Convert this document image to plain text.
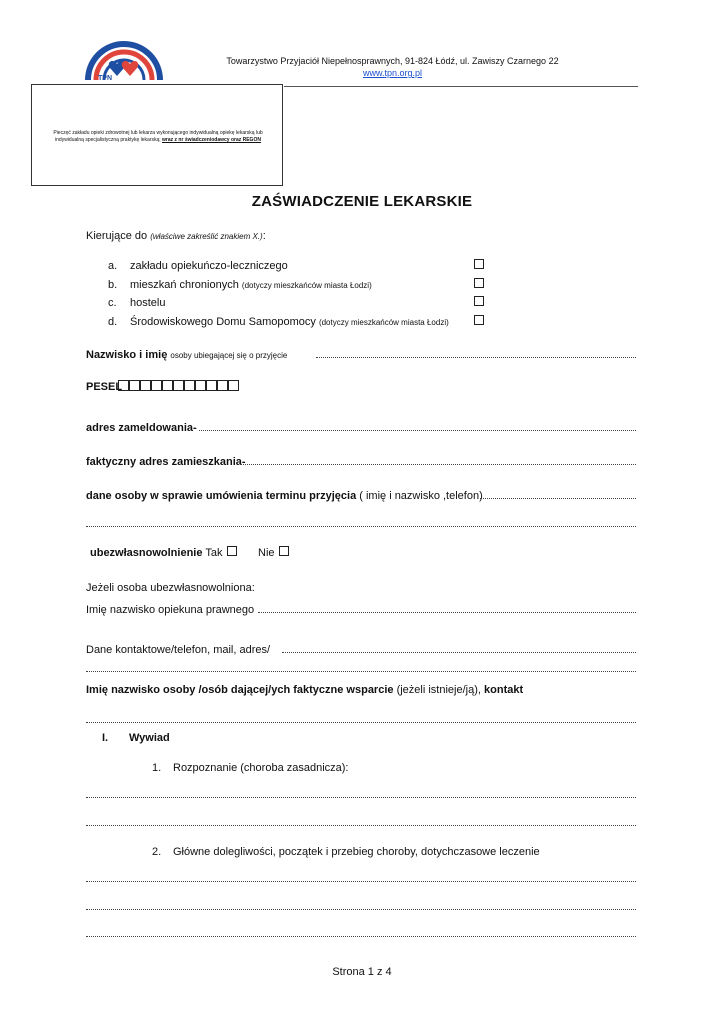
TPN
Towarzystwo Przyjaciół Niepełnosprawnych, 91-824 Łódź, ul. Zawiszy Czarnego 22
www.tpn.org.pl
Pieczęć zakładu opieki zdrowotnej lub lekarza wykonującego indywidualną opiekę lekarską lub indywidualną specjalistyczną praktykę lekarską; wraz z nr świadczeniodawcy oraz REGON
ZAŚWIADCZENIE LEKARSKIE
Kierujące do (właściwe zakreślić znakiem X.):
a. zakładu opiekuńczo-leczniczego
b. mieszkań chronionych (dotyczy mieszkańców miasta Łodzi)
c. hostelu
d. Środowiskowego Domu Samopomocy (dotyczy mieszkańców miasta Łodzi)
Nazwisko i imię osoby ubiegającej się o przyjęcie
PESEL
adres zameldowania-
faktyczny adres zamieszkania-
dane osoby w sprawie umówienia terminu przyjęcia ( imię i nazwisko ,telefon)
ubezwłasnowolnienie Tak	Nie
Jeżeli osoba ubezwłasnowolniona:
Imię nazwisko opiekuna prawnego
Dane kontaktowe/telefon, mail, adres/
Imię nazwisko osoby /osób dającej/ych faktyczne wsparcie (jeżeli istnieje/ją), kontakt
I. Wywiad
1. Rozpoznanie (choroba zasadnicza):
2. Główne dolegliwości, początek i przebieg choroby, dotychczasowe leczenie
Strona 1 z 4
